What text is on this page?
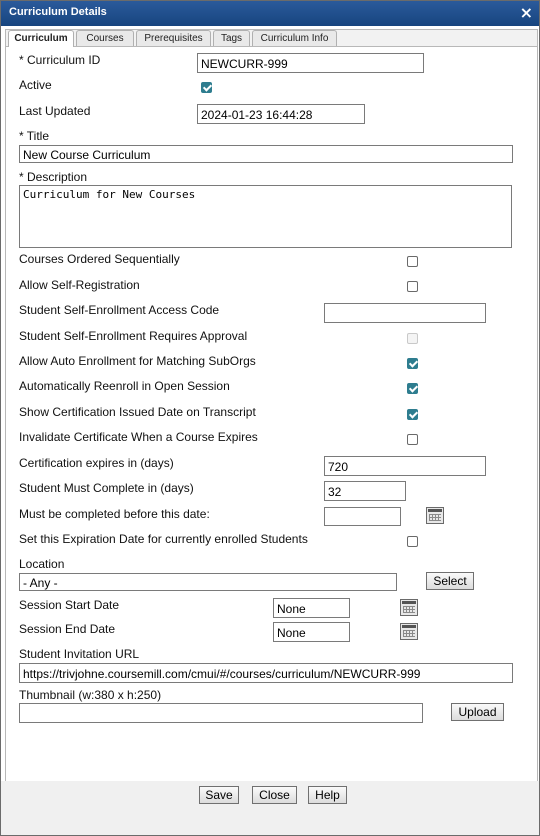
Curriculum Details	×
Curriculum	Courses	Prerequisites	Tags	Curriculum Info
* Curriculum ID	NEWCURR-999
Active
Last Updated	2024-01-23 16:44:28
* Title
New Course Curriculum
* Description
Curriculum for New Courses
Courses Ordered Sequentially
Allow Self-Registration
Student Self-Enrollment Access Code
Student Self-Enrollment Requires Approval
Allow Auto Enrollment for Matching SubOrgs
Automatically Reenroll in Open Session
Show Certification Issued Date on Transcript
Invalidate Certificate When a Course Expires
Certification expires in (days)	720
Student Must Complete in (days)	32
Must be completed before this date:
Set this Expiration Date for currently enrolled Students
Location
- Any -	Select
Session Start Date	None
Session End Date	None
Student Invitation URL
https://trivjohne.coursemill.com/cmui/#/courses/curriculum/NEWCURR-999
Thumbnail (w:380 x h:250)
Upload
Save	Close	Help
